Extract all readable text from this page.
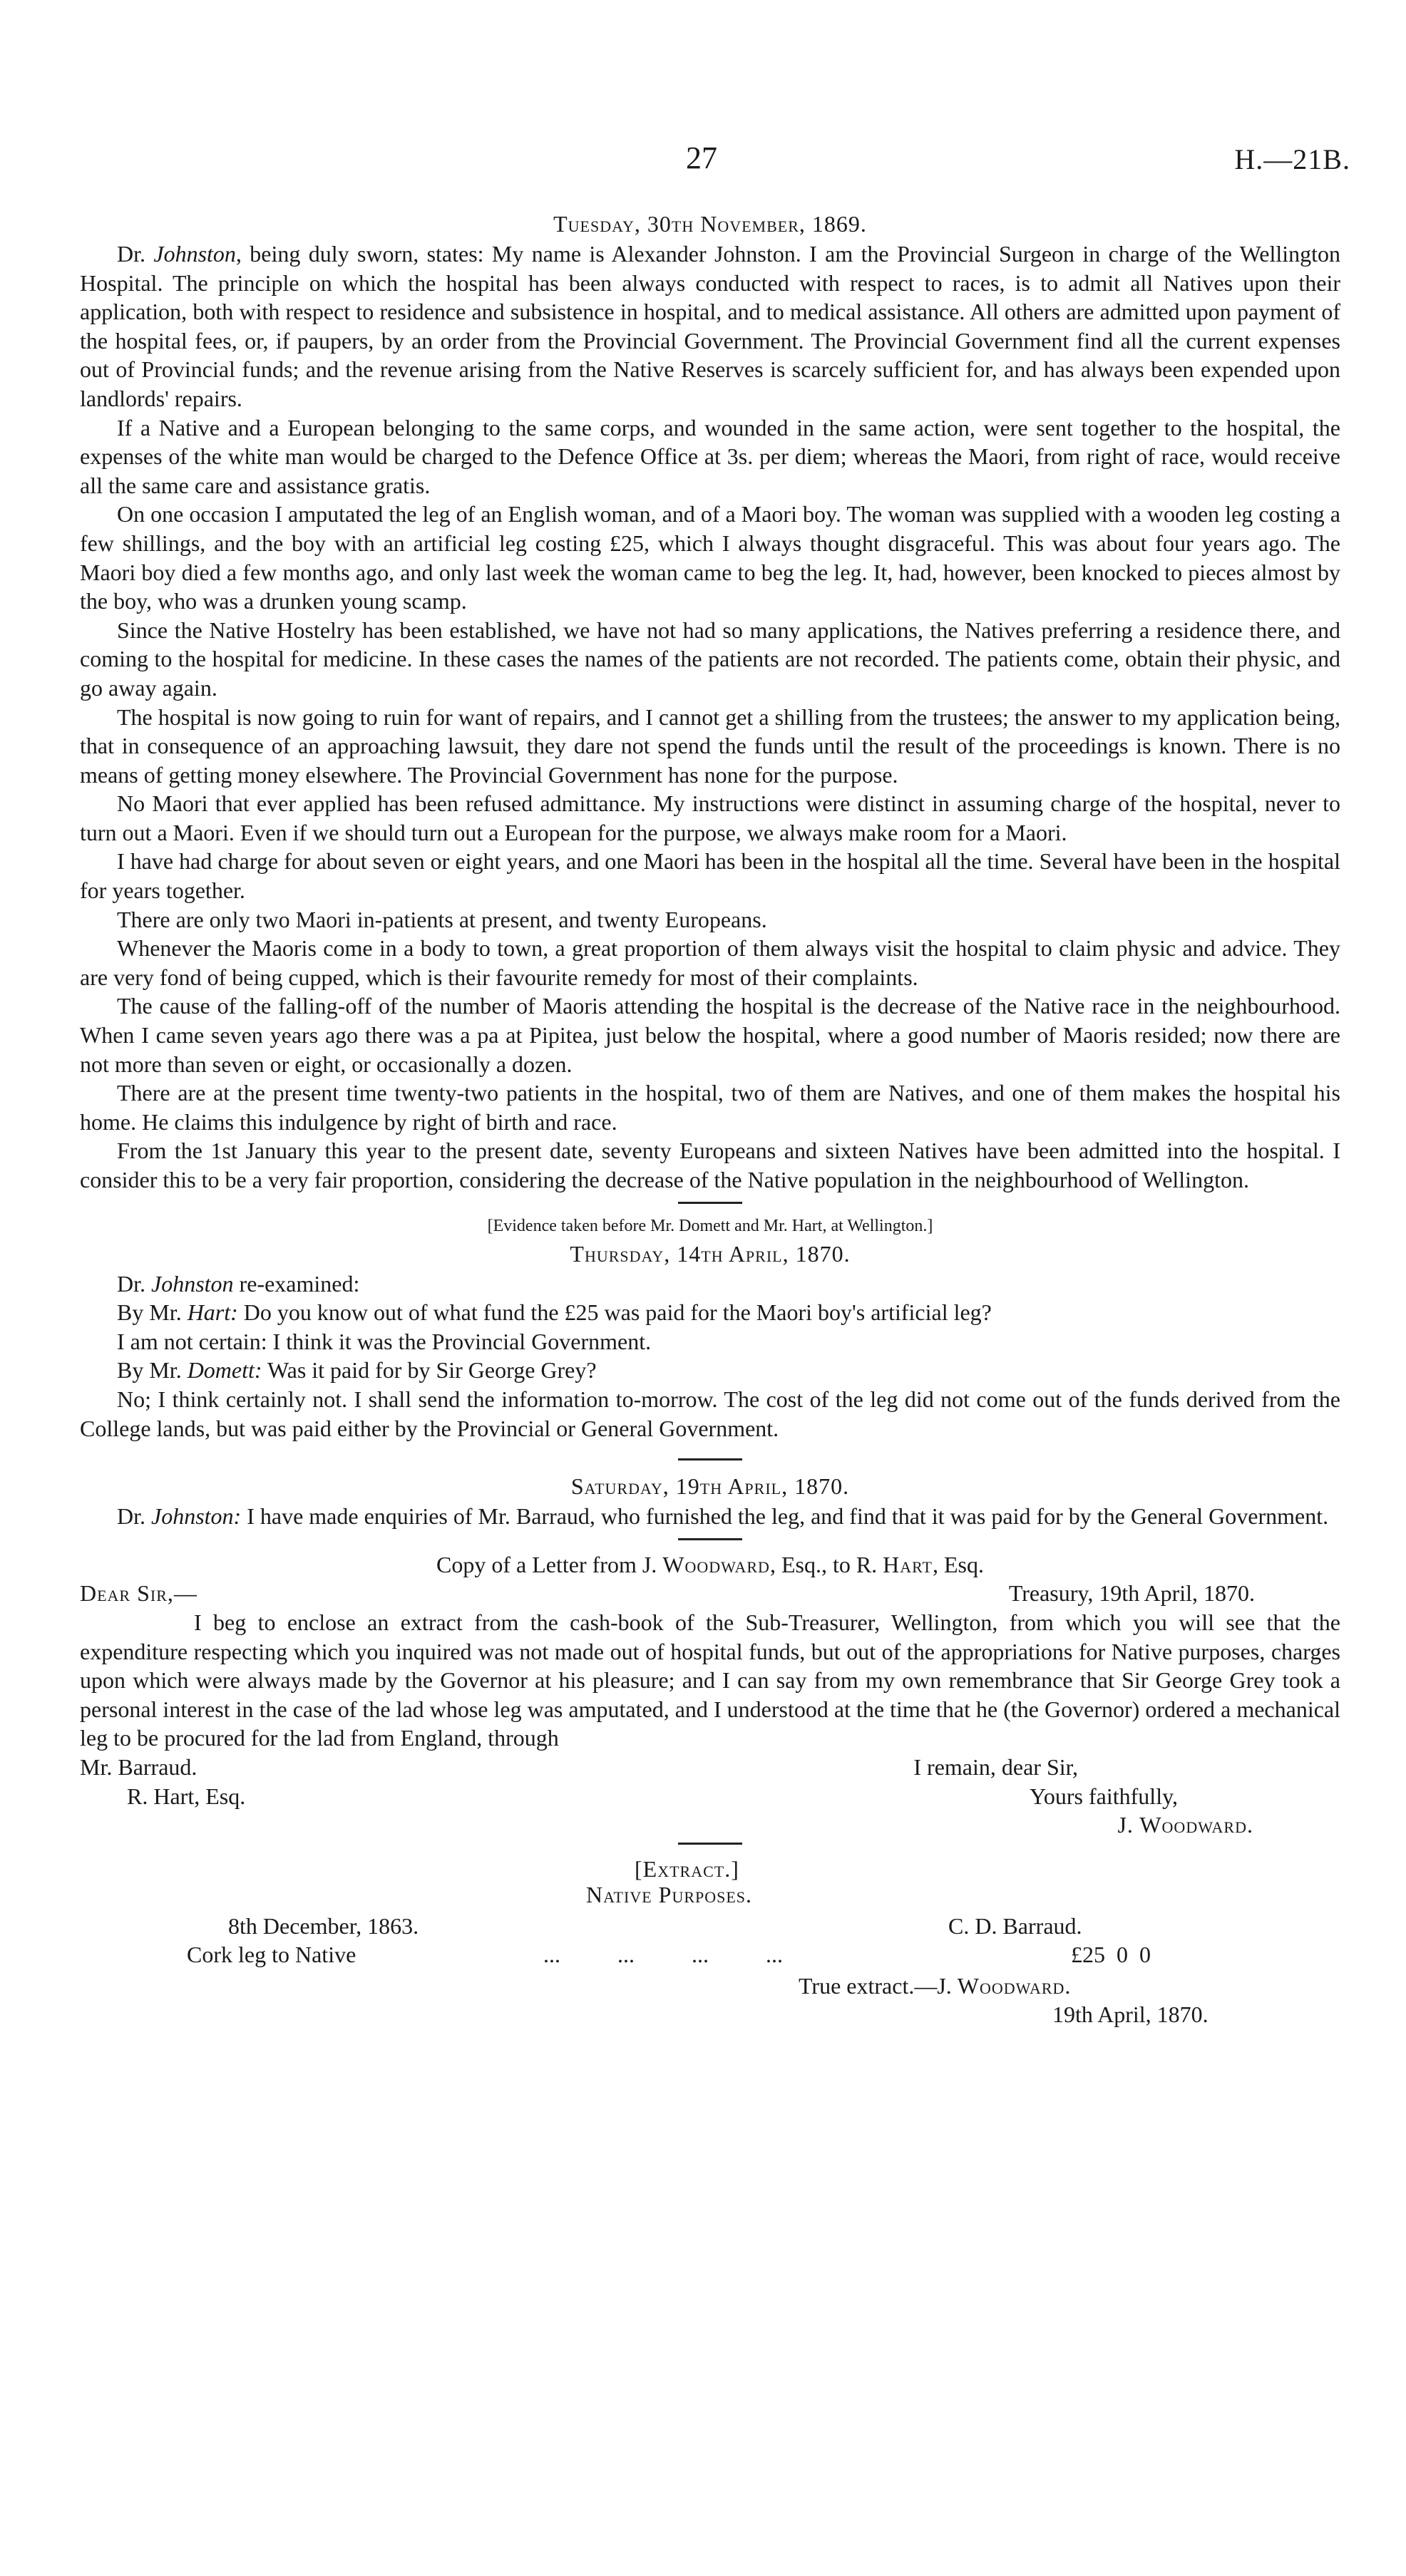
27	H.—21B.
Tuesday, 30th November, 1869.

Dr. Johnston, being duly sworn, states: My name is Alexander Johnston. I am the Provincial Surgeon in charge of the Wellington Hospital. The principle on which the hospital has been always conducted with respect to races, is to admit all Natives upon their application, both with respect to residence and subsistence in hospital, and to medical assistance. All others are admitted upon payment of the hospital fees, or, if paupers, by an order from the Provincial Government. The Provincial Government find all the current expenses out of Provincial funds; and the revenue arising from the Native Reserves is scarcely sufficient for, and has always been expended upon landlords' repairs.

If a Native and a European belonging to the same corps, and wounded in the same action, were sent together to the hospital, the expenses of the white man would be charged to the Defence Office at 3s. per diem; whereas the Maori, from right of race, would receive all the same care and assistance gratis.

On one occasion I amputated the leg of an English woman, and of a Maori boy. The woman was supplied with a wooden leg costing a few shillings, and the boy with an artificial leg costing £25, which I always thought disgraceful. This was about four years ago. The Maori boy died a few months ago, and only last week the woman came to beg the leg. It, had, however, been knocked to pieces almost by the boy, who was a drunken young scamp.

Since the Native Hostelry has been established, we have not had so many applications, the Natives preferring a residence there, and coming to the hospital for medicine. In these cases the names of the patients are not recorded. The patients come, obtain their physic, and go away again.

The hospital is now going to ruin for want of repairs, and I cannot get a shilling from the trustees; the answer to my application being, that in consequence of an approaching lawsuit, they dare not spend the funds until the result of the proceedings is known. There is no means of getting money elsewhere. The Provincial Government has none for the purpose.

No Maori that ever applied has been refused admittance. My instructions were distinct in assuming charge of the hospital, never to turn out a Maori. Even if we should turn out a European for the purpose, we always make room for a Maori.

I have had charge for about seven or eight years, and one Maori has been in the hospital all the time. Several have been in the hospital for years together.

There are only two Maori in-patients at present, and twenty Europeans.

Whenever the Maoris come in a body to town, a great proportion of them always visit the hospital to claim physic and advice. They are very fond of being cupped, which is their favourite remedy for most of their complaints.

The cause of the falling-off of the number of Maoris attending the hospital is the decrease of the Native race in the neighbourhood. When I came seven years ago there was a pa at Pipitea, just below the hospital, where a good number of Maoris resided; now there are not more than seven or eight, or occasionally a dozen.

There are at the present time twenty-two patients in the hospital, two of them are Natives, and one of them makes the hospital his home. He claims this indulgence by right of birth and race.

From the 1st January this year to the present date, seventy Europeans and sixteen Natives have been admitted into the hospital. I consider this to be a very fair proportion, considering the decrease of the Native population in the neighbourhood of Wellington.

[Evidence taken before Mr. Domett and Mr. Hart, at Wellington.]
Thursday, 14th April, 1870.

Dr. Johnston re-examined:

By Mr. Hart: Do you know out of what fund the £25 was paid for the Maori boy's artificial leg?

I am not certain: I think it was the Provincial Government.

By Mr. Domett: Was it paid for by Sir George Grey?

No; I think certainly not. I shall send the information to-morrow. The cost of the leg did not come out of the funds derived from the College lands, but was paid either by the Provincial or General Government.

Saturday, 19th April, 1870.

Dr. Johnston: I have made enquiries of Mr. Barraud, who furnished the leg, and find that it was paid for by the General Government.

Copy of a Letter from J. Woodward, Esq., to R. Hart, Esq.
Dear Sir,—	Treasury, 19th April, 1870.

I beg to enclose an extract from the cash-book of the Sub-Treasurer, Wellington, from which you will see that the expenditure respecting which you inquired was not made out of hospital funds, but out of the appropriations for Native purposes, charges upon which were always made by the Governor at his pleasure; and I can say from my own remembrance that Sir George Grey took a personal interest in the case of the lad whose leg was amputated, and I understood at the time that he (the Governor) ordered a mechanical leg to be procured for the lad from England, through

Mr. Barraud.	I remain, dear Sir,
R. Hart, Esq.	Yours faithfully,
J. Woodward.
[Extract.]
Native Purposes.
8th December, 1863.	C. D. Barraud.
Cork leg to Native	...          ...          ...          ...	£25  0  0
True extract.—J. Woodward.
19th April, 1870.
